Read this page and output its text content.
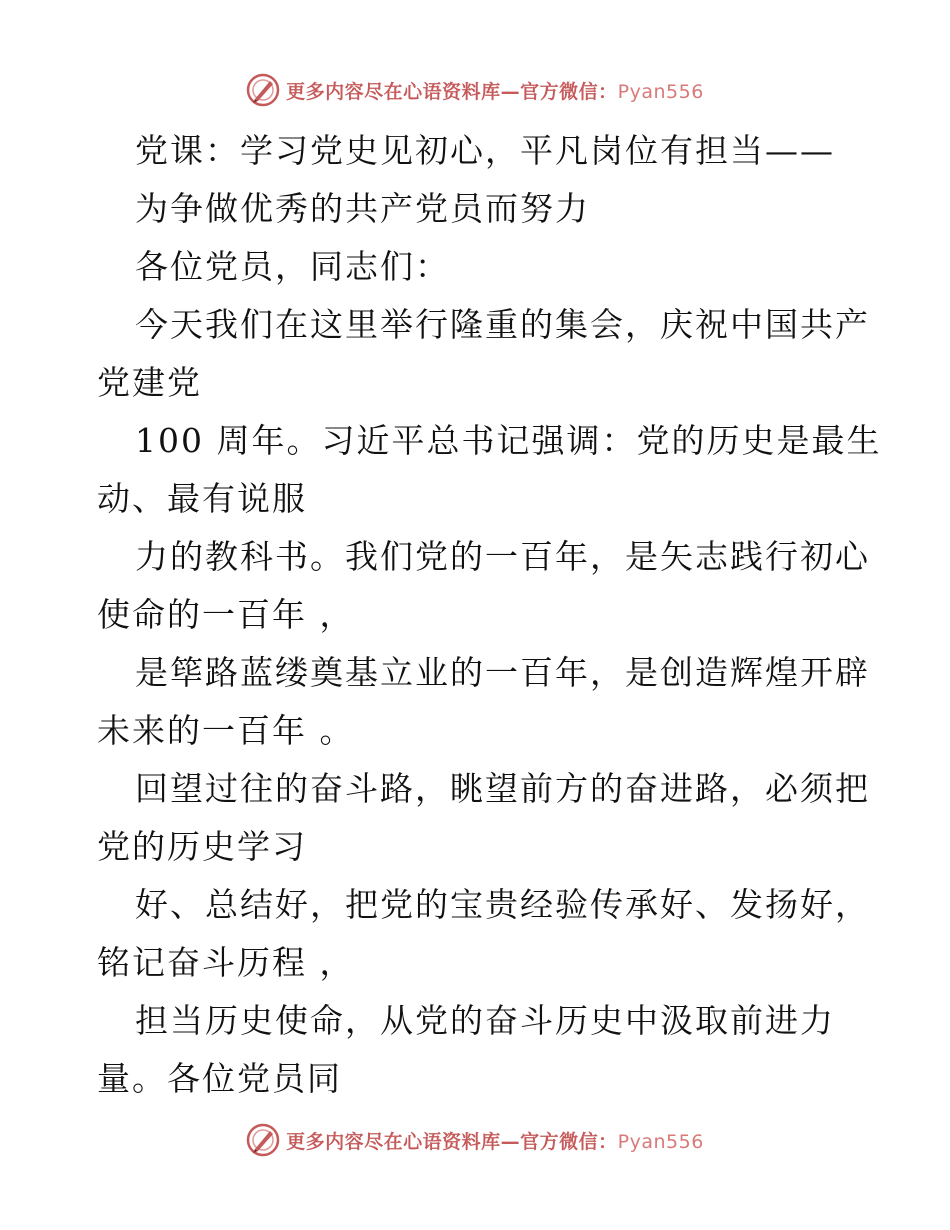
更多内容尽在心语资料库—官方微信：Pyan556
党课：学习党史见初心，平凡岗位有担当——
为争做优秀的共产党员而努力
各位党员，同志们：
今天我们在这里举行隆重的集会，庆祝中国共产
党建党
100 周年。习近平总书记强调：党的历史是最生
动、最有说服
力的教科书。我们党的一百年，是矢志践行初心
使命的一百年 ，
是筚路蓝缕奠基立业的一百年，是创造辉煌开辟
未来的一百年 。
回望过往的奋斗路，眺望前方的奋进路，必须把
党的历史学习
好、总结好，把党的宝贵经验传承好、发扬好，
铭记奋斗历程 ，
担当历史使命，从党的奋斗历史中汲取前进力
量。各位党员同
更多内容尽在心语资料库—官方微信：Pyan556
